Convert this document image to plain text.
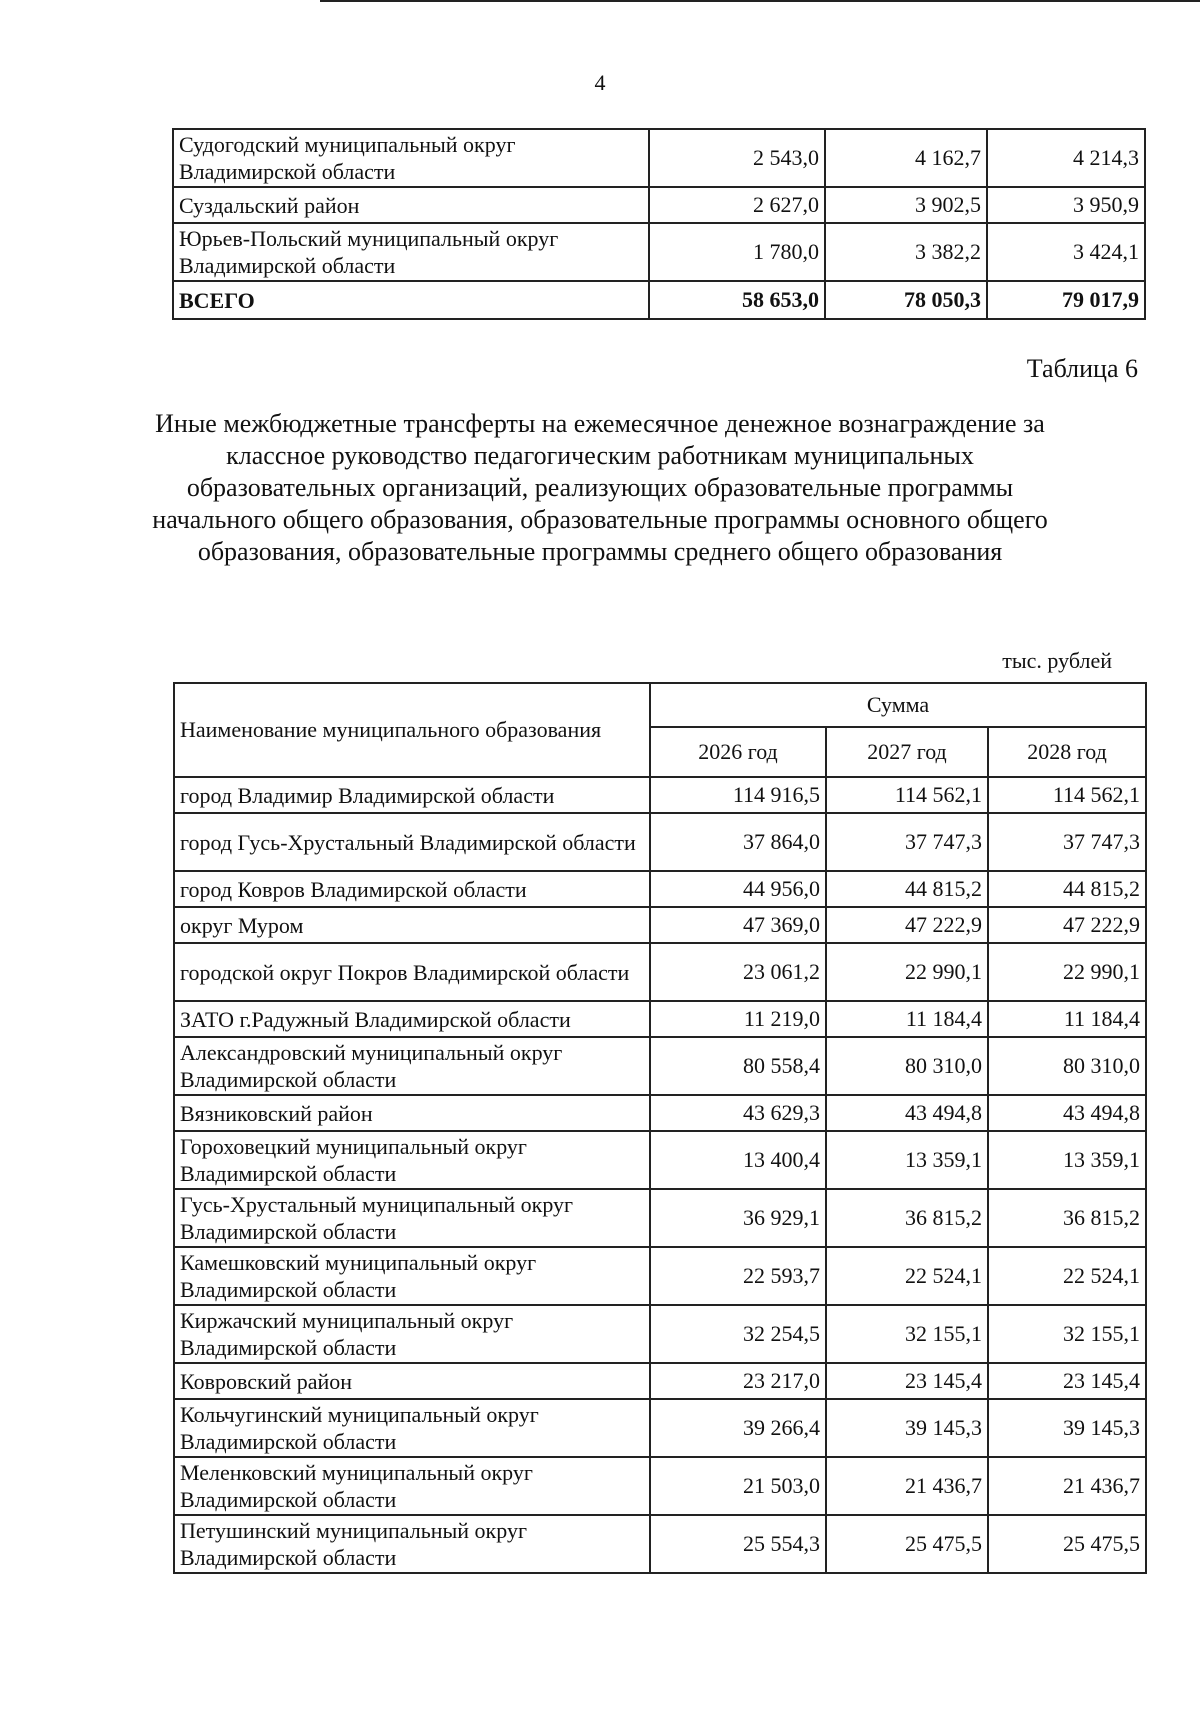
4
Судогодский муниципальный округ Владимирской области	2 543,0	4 162,7	4 214,3
Суздальский район	2 627,0	3 902,5	3 950,9
Юрьев-Польский муниципальный округ Владимирской области	1 780,0	3 382,2	3 424,1
ВСЕГО	58 653,0	78 050,3	79 017,9
Таблица 6
Иные межбюджетные трансферты на ежемесячное денежное вознаграждение за классное руководство педагогическим работникам муниципальных образовательных организаций, реализующих образовательные программы начального общего образования, образовательные программы основного общего образования, образовательные программы среднего общего образования
тыс. рублей
Наименование муниципального образования	Сумма		
	2026 год	2027 год	2028 год
город Владимир Владимирской области	114 916,5	114 562,1	114 562,1
город Гусь-Хрустальный Владимирской области	37 864,0	37 747,3	37 747,3
город Ковров Владимирской области	44 956,0	44 815,2	44 815,2
округ Муром	47 369,0	47 222,9	47 222,9
городской округ Покров Владимирской области	23 061,2	22 990,1	22 990,1
ЗАТО г.Радужный Владимирской области	11 219,0	11 184,4	11 184,4
Александровский муниципальный округ Владимирской области	80 558,4	80 310,0	80 310,0
Вязниковский район	43 629,3	43 494,8	43 494,8
Гороховецкий муниципальный округ Владимирской области	13 400,4	13 359,1	13 359,1
Гусь-Хрустальный муниципальный округ Владимирской области	36 929,1	36 815,2	36 815,2
Камешковский муниципальный округ Владимирской области	22 593,7	22 524,1	22 524,1
Киржачский муниципальный округ Владимирской области	32 254,5	32 155,1	32 155,1
Ковровский район	23 217,0	23 145,4	23 145,4
Кольчугинский муниципальный округ Владимирской области	39 266,4	39 145,3	39 145,3
Меленковский муниципальный округ Владимирской области	21 503,0	21 436,7	21 436,7
Петушинский муниципальный округ Владимирской области	25 554,3	25 475,5	25 475,5
